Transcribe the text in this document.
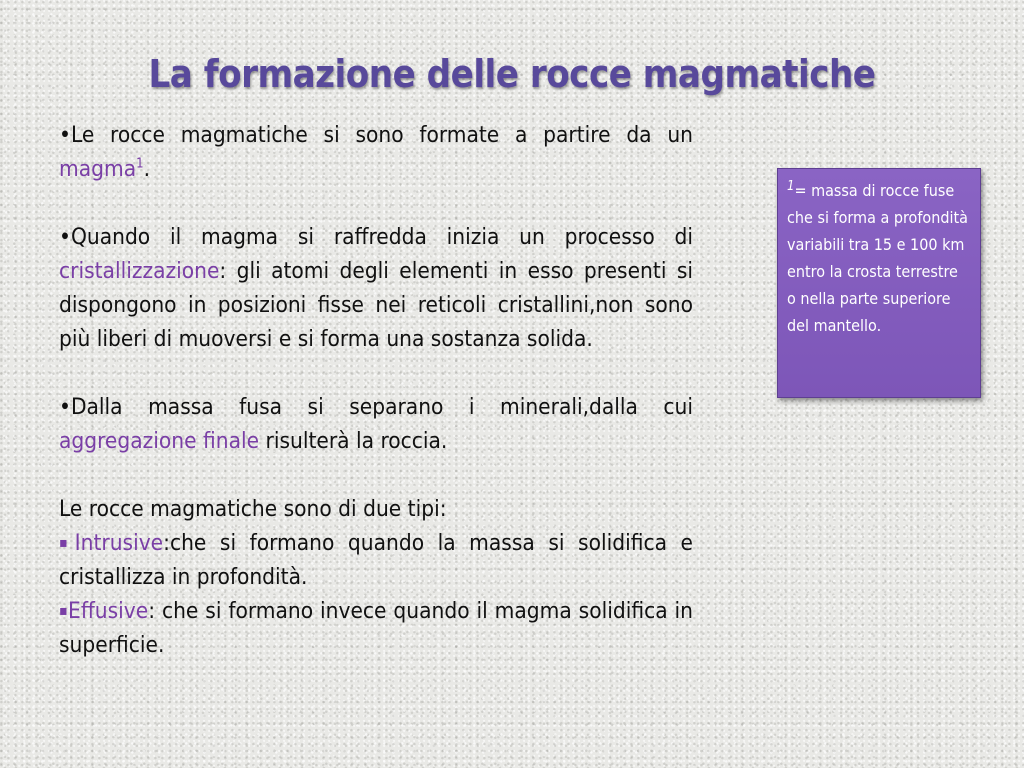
La formazione delle rocce magmatiche

•Le rocce magmatiche si sono formate a partire da un magma$^1$.

•Quando il magma si raffredda inizia un processo di cristallizzazione: gli atomi degli elementi in esso presenti si dispongono in posizioni fisse nei reticoli cristallini,non sono più liberi di muoversi e si forma una sostanza solida.

•Dalla massa fusa si separano i minerali,dalla cui aggregazione finale risulterà la roccia.

Le rocce magmatiche sono di due tipi:

▪Intrusive:che si formano quando la massa si solidifica e cristallizza in profondità.

▪Effusive: che si formano invece quando il magma solidifica in superficie.

$^1$= massa di rocce fuse che si forma a profondità variabili tra 15 e 100 km entro la crosta terrestre o nella parte superiore del mantello.
